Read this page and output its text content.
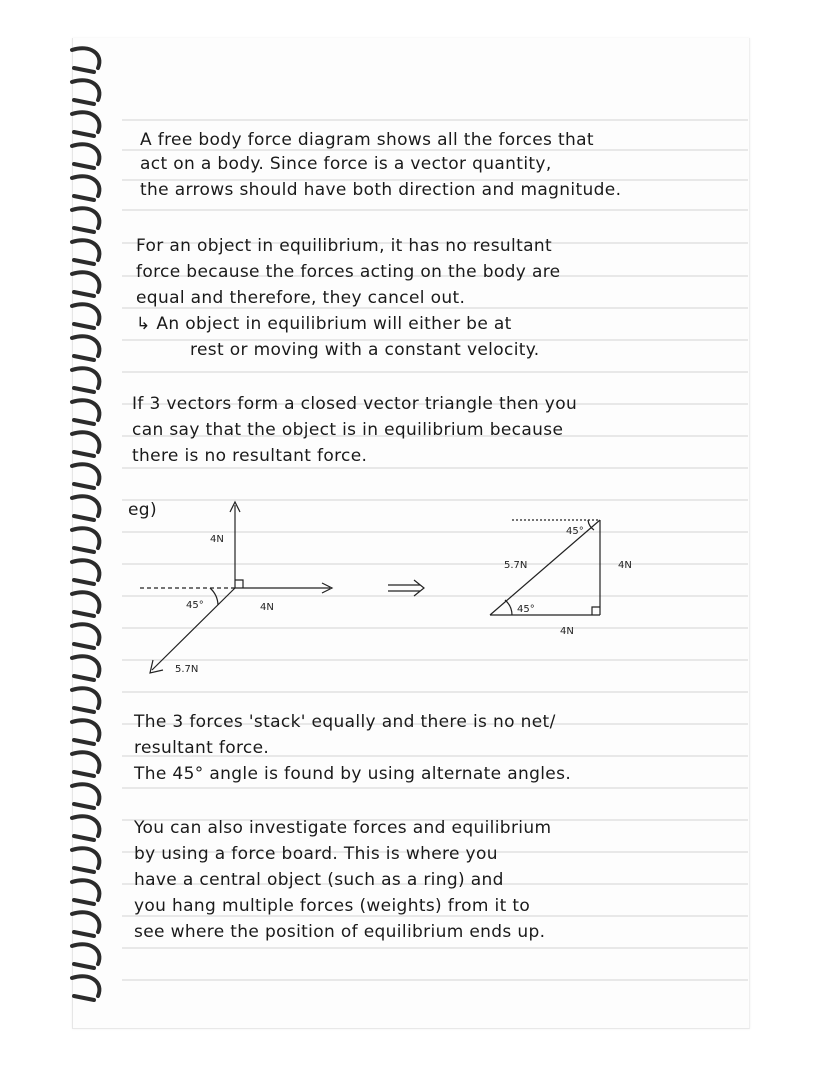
A free body force diagram shows all the forces that

act on a body. Since force is a vector quantity,

the arrows should have both direction and magnitude.

For an object in equilibrium, it has no resultant

force because the forces acting on the body are

equal and therefore, they cancel out.

↳ An object in equilibrium will either be at

rest or moving with a constant velocity.

If 3 vectors form a closed vector triangle then you

can say that the object is in equilibrium because

there is no resultant force.

eg)

4N
4N
5.7N
45°
5.7N	4N
4N
45°
45°

The 3 forces 'stack' equally and there is no net/

resultant force.

The 45° angle is found by using alternate angles.

You can also investigate forces and equilibrium

by using a force board. This is where you

have a central object (such as a ring) and

you hang multiple forces (weights) from it to

see where the position of equilibrium ends up.
